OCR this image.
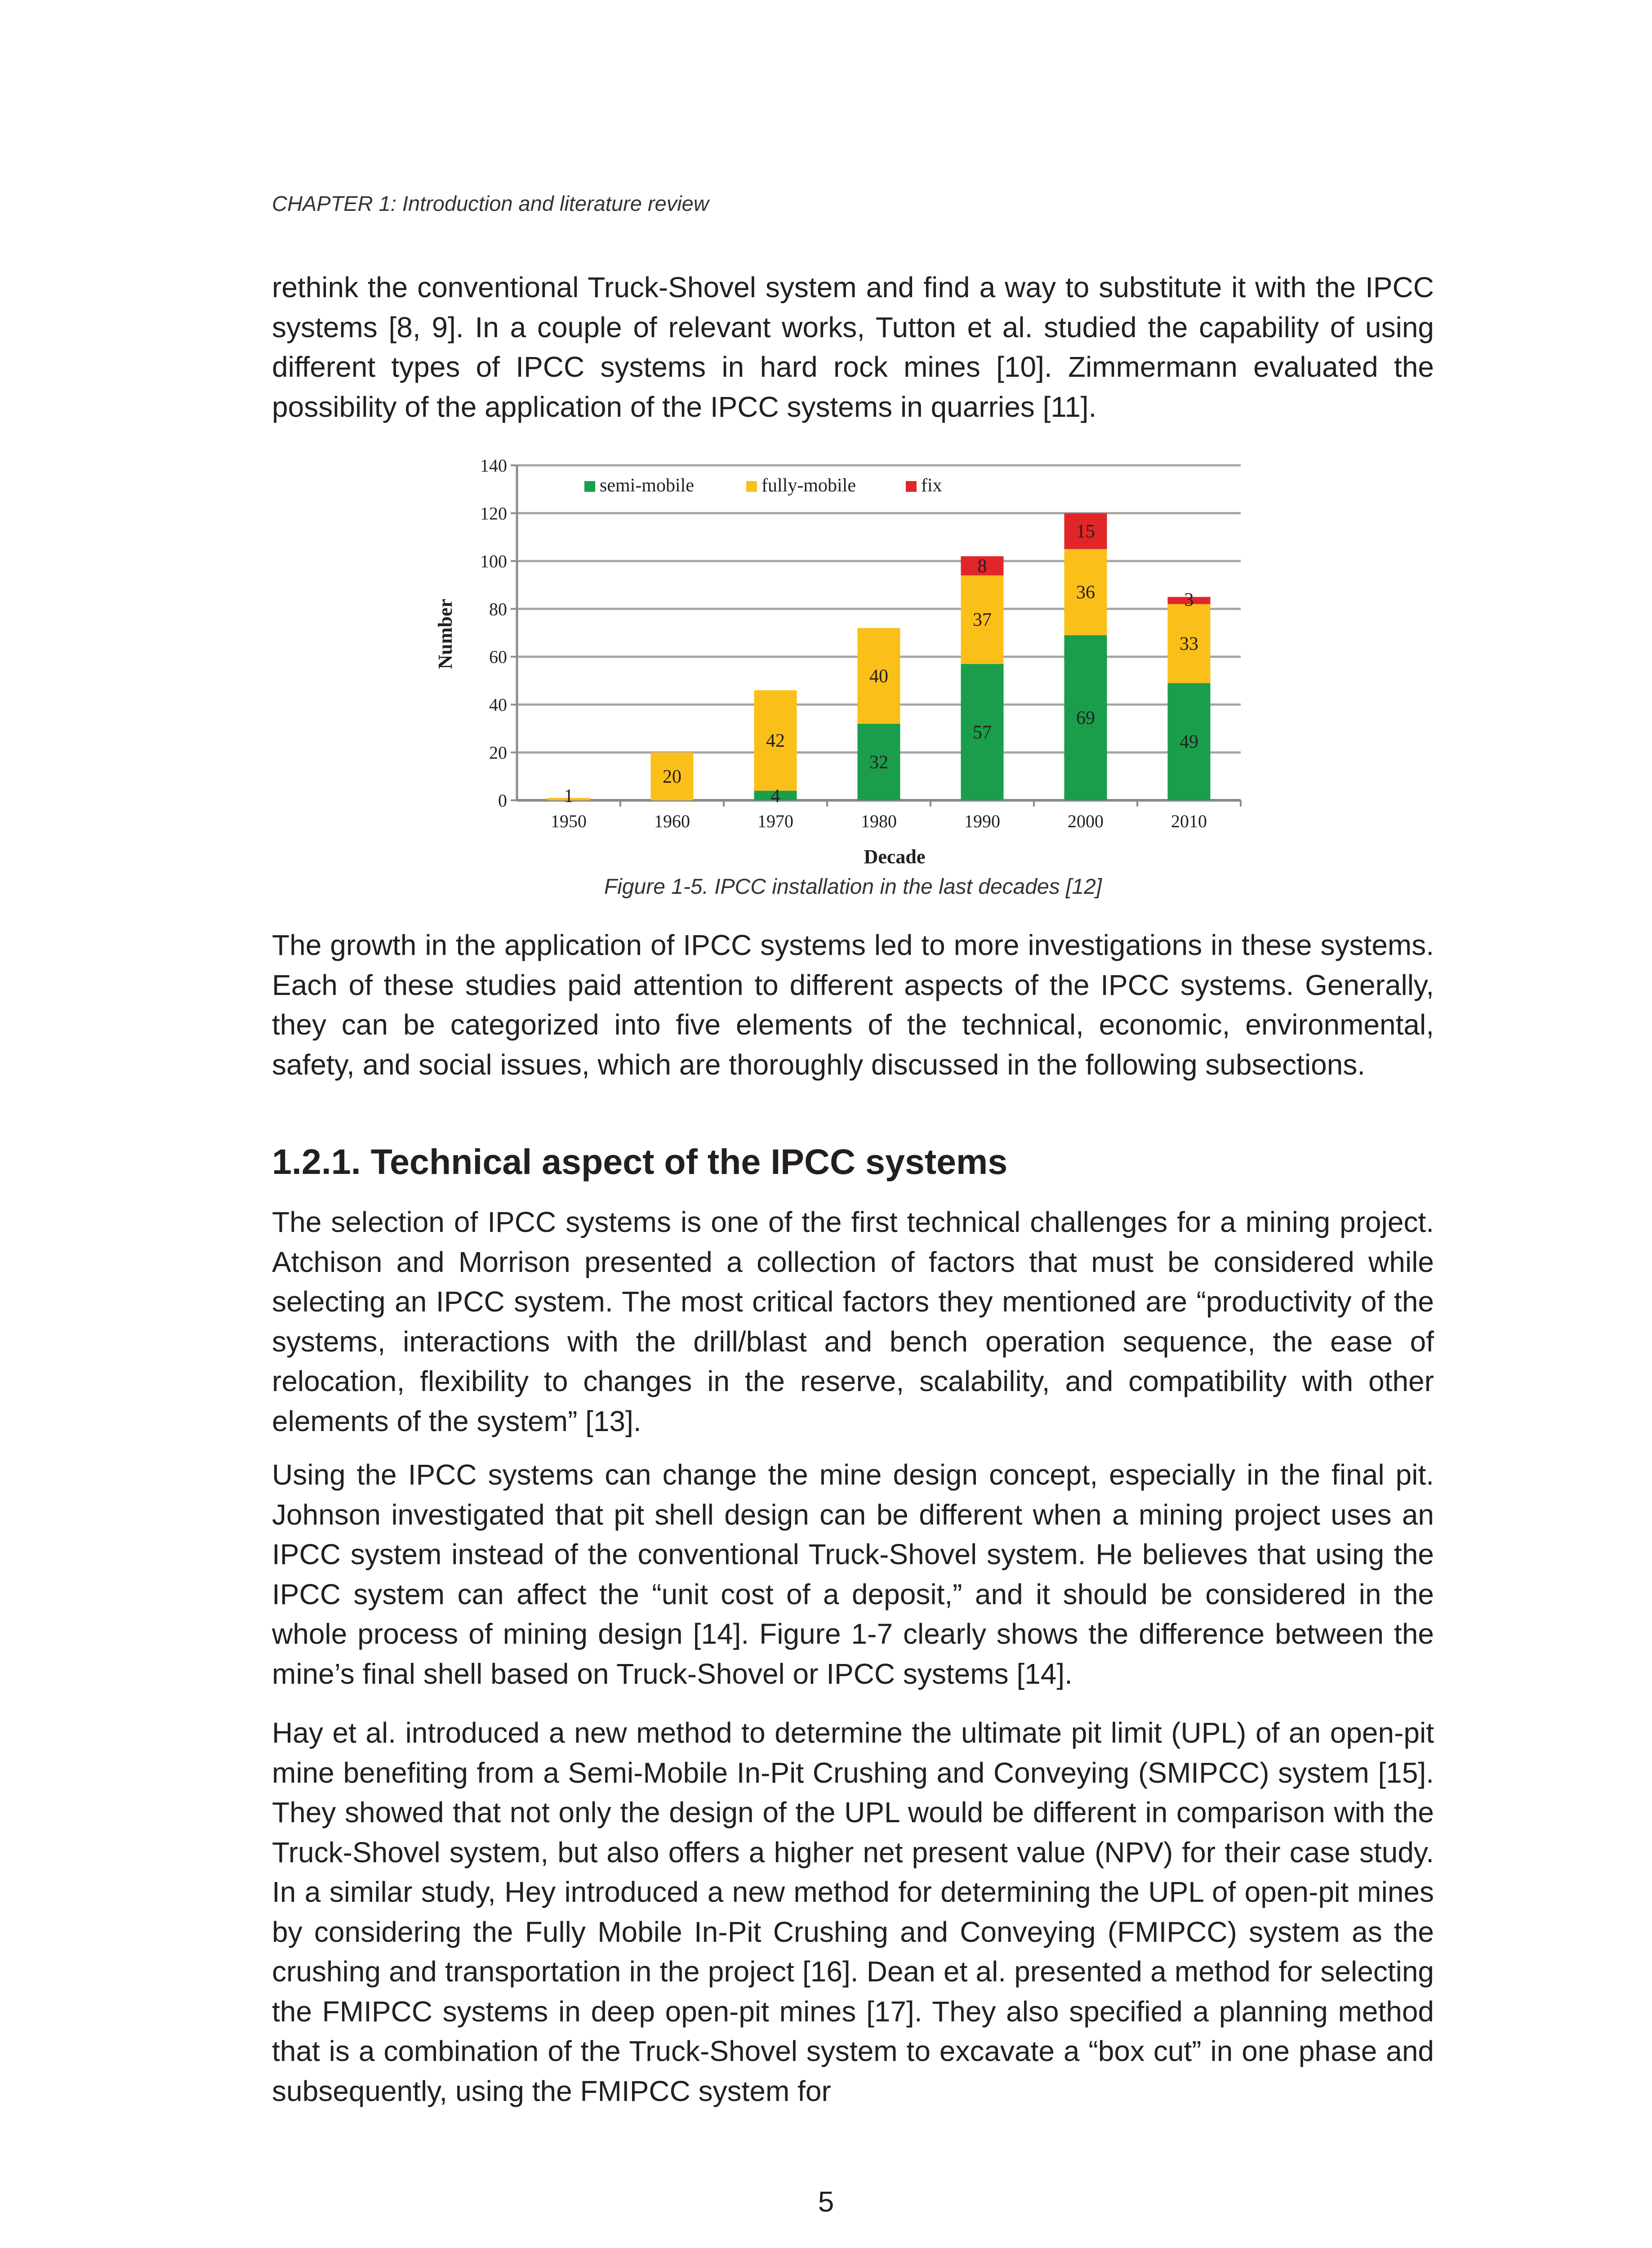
CHAPTER 1: Introduction and literature review

rethink the conventional Truck-Shovel system and find a way to substitute it with the IPCC systems [8, 9]. In a couple of relevant works, Tutton et al. studied the capability of using different types of IPCC systems in hard rock mines [10]. Zimmermann evaluated the possibility of the application of the IPCC systems in quarries [11].

0
20
40
60
80
100
120
140
1
20
4
42
32
40
57
37
8
69
36
15
49
33
3
1950	1960	1970	1980	1990	2000	2010
semi-mobile	fully-mobile	fix
Decade
Number
Figure 1-5. IPCC installation in the last decades [12]

The growth in the application of IPCC systems led to more investigations in these systems. Each of these studies paid attention to different aspects of the IPCC systems. Generally, they can be categorized into five elements of the technical, economic, environmental, safety, and social issues, which are thoroughly discussed in the following subsections.

1.2.1. Technical aspect of the IPCC systems

The selection of IPCC systems is one of the first technical challenges for a mining project. Atchison and Morrison presented a collection of factors that must be considered while selecting an IPCC system. The most critical factors they mentioned are “productivity of the systems, interactions with the drill/blast and bench operation sequence, the ease of relocation, flexibility to changes in the reserve, scalability, and compatibility with other elements of the system” [13].

Using the IPCC systems can change the mine design concept, especially in the final pit. Johnson investigated that pit shell design can be different when a mining project uses an IPCC system instead of the conventional Truck-Shovel system. He believes that using the IPCC system can affect the “unit cost of a deposit,” and it should be considered in the whole process of mining design [14]. Figure 1-7 clearly shows the difference between the mine’s final shell based on Truck-Shovel or IPCC systems [14].

Hay et al. introduced a new method to determine the ultimate pit limit (UPL) of an open-pit mine benefiting from a Semi-Mobile In-Pit Crushing and Conveying (SMIPCC) system [15]. They showed that not only the design of the UPL would be different in comparison with the Truck-Shovel system, but also offers a higher net present value (NPV) for their case study. In a similar study, Hey introduced a new method for determining the UPL of open-pit mines by considering the Fully Mobile In-Pit Crushing and Conveying (FMIPCC) system as the crushing and transportation in the project [16]. Dean et al. presented a method for selecting the FMIPCC systems in deep open-pit mines [17]. They also specified a planning method that is a combination of the Truck-Shovel system to excavate a “box cut” in one phase and subsequently, using the FMIPCC system for

5
